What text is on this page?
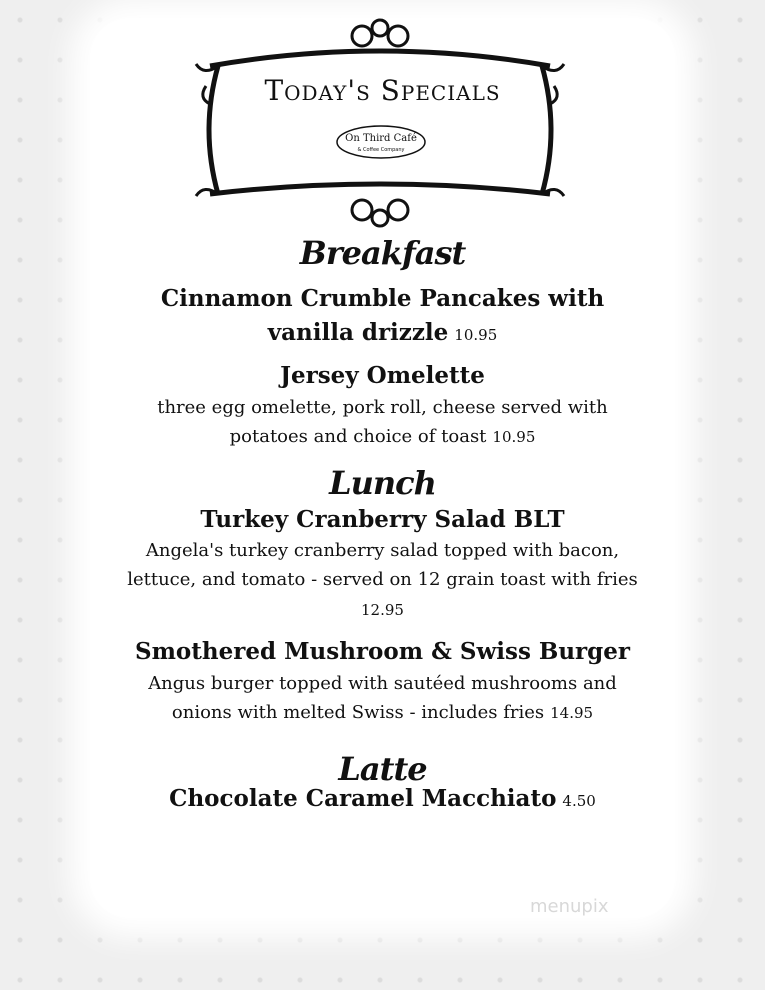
Today's Specials
On Third Café
& Coffee Company
Breakfast
Cinnamon Crumble Pancakes with
vanilla drizzle 10.95
Jersey Omelette
three egg omelette, pork roll, cheese served with
potatoes and choice of toast 10.95
Lunch
Turkey Cranberry Salad BLT
Angela's turkey cranberry salad topped with bacon,
lettuce, and tomato - served on 12 grain toast with fries
12.95
Smothered Mushroom & Swiss Burger
Angus burger topped with sautéed mushrooms and
onions with melted Swiss - includes fries 14.95
Latte
Chocolate Caramel Macchiato 4.50
menupix
